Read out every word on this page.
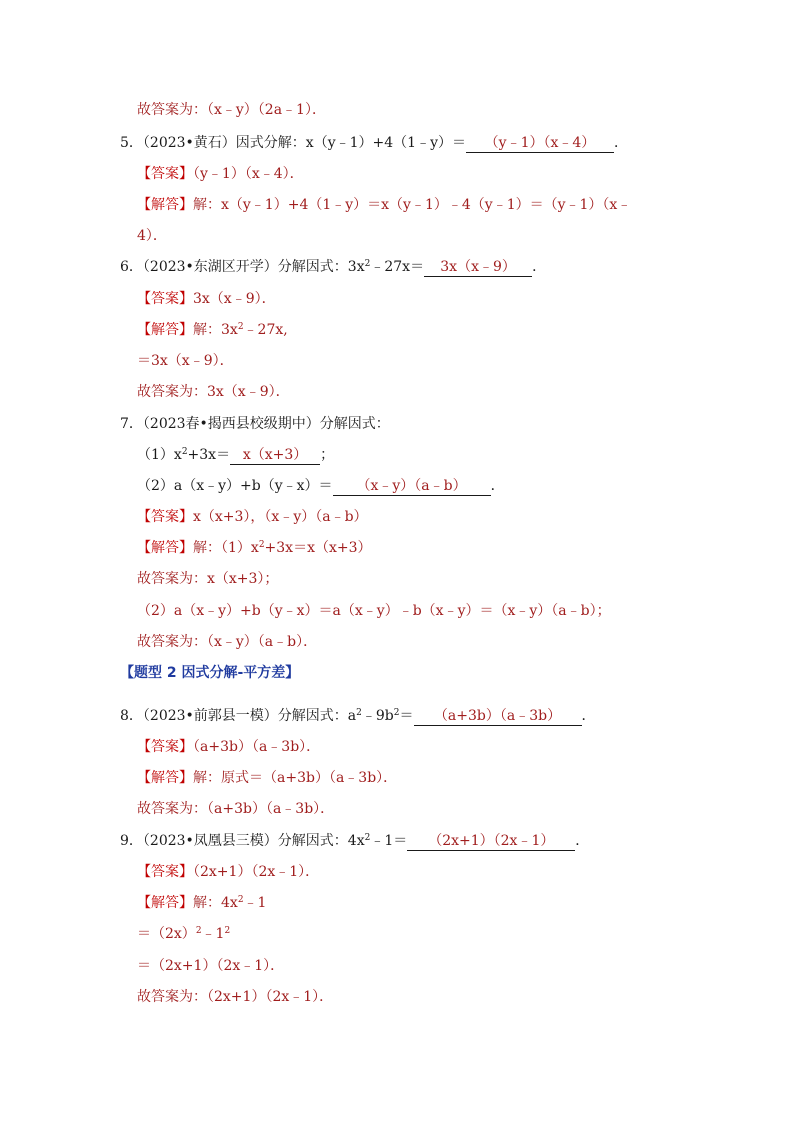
故答案为：（x﹣y）（2a﹣1）．
5．（2023•黄石）因式分解：x（y﹣1）+4（1﹣y）＝ （y﹣1）（x﹣4） ．
【答案】（y﹣1）（x﹣4）．
【解答】解：x（y﹣1）+4（1﹣y）＝x（y﹣1）﹣4（y﹣1）＝（y﹣1）（x﹣
4）．
6．（2023•东湖区开学）分解因式：$3x^2﹣27x=$ 3x（x﹣9） ．
【答案】3x（x﹣9）．
【解答】解：$3x^2﹣27x$,
＝3x（x﹣9）．
故答案为：3x（x﹣9）．
7．（2023春•揭西县校级期中）分解因式：
$(1)x^2+3x= x(x+3)$ ；
（2）a（x﹣y）+b（y﹣x）＝ （x﹣y）（a﹣b） ．
【答案】x（x+3），（x﹣y）（a﹣b）
【解答】解：$(1)x^2+3x=x(x+3)$
故答案为：x（x+3）；
（2）a（x﹣y）+b（y﹣x）＝a（x﹣y）﹣b（x﹣y）＝（x﹣y）（a﹣b）；
故答案为：（x﹣y）（a﹣b）．
【题型 2 因式分解-平方差】
8．（2023•前郭县一模）分解因式：$a^2﹣9b^2=$ （a+3b）（a﹣3b） ．
【答案】（a+3b）（a﹣3b）．
【解答】解：原式＝（a+3b）（a﹣3b）．
故答案为：（a+3b）（a﹣3b）．
9．（2023•凤凰县三模）分解因式：$4x^2﹣1=$ （2x+1）（2x﹣1） ．
【答案】（2x+1）（2x﹣1）．
【解答】解：$4x^2﹣1$
$=(2x)^2﹣1^2$
＝（2x+1）（2x﹣1）．
故答案为：（2x+1）（2x﹣1）．
